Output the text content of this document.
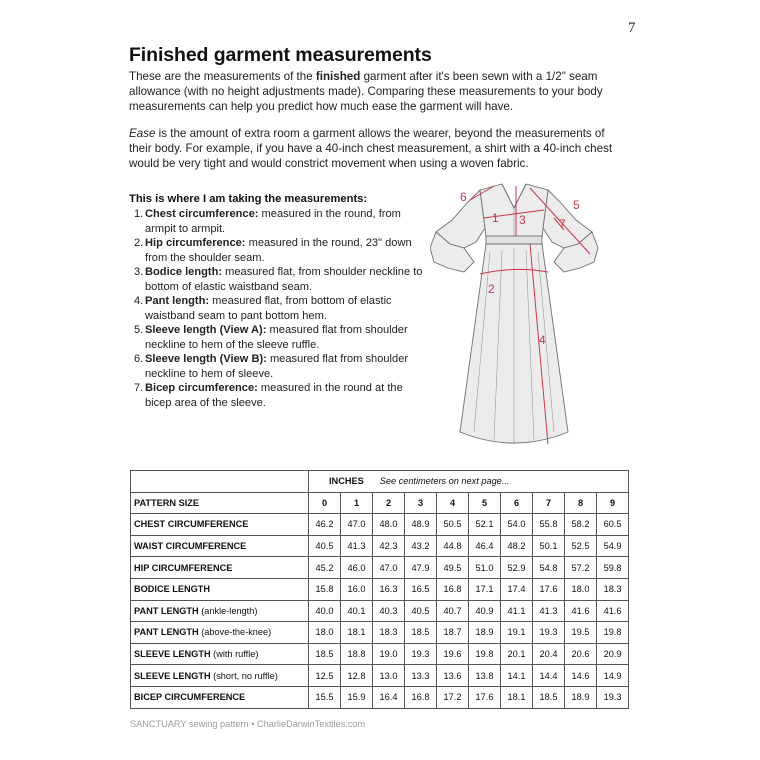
7
Finished garment measurements

These are the measurements of the finished garment after it's been sewn with a 1/2" seam allowance (with no height adjustments made). Comparing these measurements to your body measurements can help you predict how much ease the garment will have.

Ease is the amount of extra room a garment allows the wearer, beyond the measurements of their body. For example, if you have a 40-inch chest measurement, a shirt with a 40-inch chest would be very tight and would constrict movement when using a woven fabric.

This is where I am taking the measurements:
1. Chest circumference: measured in the round, from armpit to armpit.
2. Hip circumference: measured in the round, 23" down from the shoulder seam.
3. Bodice length: measured flat, from shoulder neckline to bottom of elastic waistband seam.
4. Pant length: measured flat, from bottom of elastic waistband seam to pant bottom hem.
5. Sleeve length (View A): measured flat from shoulder neckline to hem of the sleeve ruffle.
6. Sleeve length (View B): measured flat from shoulder neckline to hem of sleeve.
7. Bicep circumference: measured in the round at the bicep area of the sleeve.
1
2
3
4
5
6
7
	INCHES See centimeters on next page...									
PATTERN SIZE	0	1	2	3	4	5	6	7	8	9
CHEST CIRCUMFERENCE	46.2	47.0	48.0	48.9	50.5	52.1	54.0	55.8	58.2	60.5
WAIST CIRCUMFERENCE	40.5	41.3	42.3	43.2	44.8	46.4	48.2	50.1	52.5	54.9
HIP CIRCUMFERENCE	45.2	46.0	47.0	47.9	49.5	51.0	52.9	54.8	57.2	59.8
BODICE LENGTH	15.8	16.0	16.3	16.5	16.8	17.1	17.4	17.6	18.0	18.3
PANT LENGTH (ankle-length)	40.0	40.1	40.3	40.5	40.7	40.9	41.1	41.3	41.6	41.6
PANT LENGTH (above-the-knee)	18.0	18.1	18.3	18.5	18.7	18.9	19.1	19.3	19.5	19.8
SLEEVE LENGTH (with ruffle)	18.5	18.8	19.0	19.3	19.6	19.8	20.1	20.4	20.6	20.9
SLEEVE LENGTH (short, no ruffle)	12.5	12.8	13.0	13.3	13.6	13.8	14.1	14.4	14.6	14.9
BICEP CIRCUMFERENCE	15.5	15.9	16.4	16.8	17.2	17.6	18.1	18.5	18.9	19.3
SANCTUARY sewing pattern • CharlieDarwinTextiles.com
